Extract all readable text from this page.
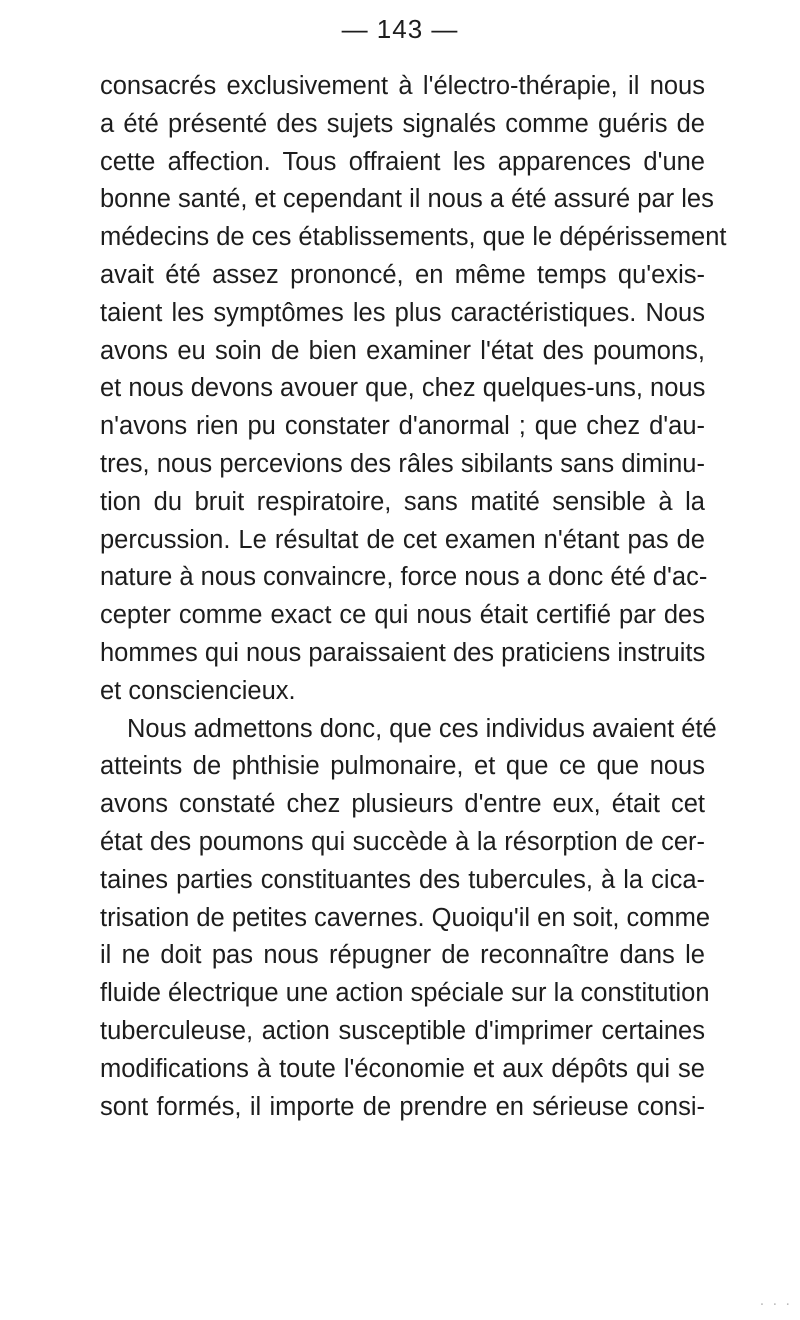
— 143 —
consacrés exclusivement à l'électro-thérapie, il nous
a été présenté des sujets signalés comme guéris de
cette affection. Tous offraient les apparences d'une
bonne santé, et cependant il nous a été assuré par les
médecins de ces établissements, que le dépérissement
avait été assez prononcé, en même temps qu'exis-
taient les symptômes les plus caractéristiques. Nous
avons eu soin de bien examiner l'état des poumons,
et nous devons avouer que, chez quelques-uns, nous
n'avons rien pu constater d'anormal ; que chez d'au-
tres, nous percevions des râles sibilants sans diminu-
tion du bruit respiratoire, sans matité sensible à la
percussion. Le résultat de cet examen n'étant pas de
nature à nous convaincre, force nous a donc été d'ac-
cepter comme exact ce qui nous était certifié par des
hommes qui nous paraissaient des praticiens instruits
et consciencieux.
Nous admettons donc, que ces individus avaient été
atteints de phthisie pulmonaire, et que ce que nous
avons constaté chez plusieurs d'entre eux, était cet
état des poumons qui succède à la résorption de cer-
taines parties constituantes des tubercules, à la cica-
trisation de petites cavernes. Quoiqu'il en soit, comme
il ne doit pas nous répugner de reconnaître dans le
fluide électrique une action spéciale sur la constitution
tuberculeuse, action susceptible d'imprimer certaines
modifications à toute l'économie et aux dépôts qui se
sont formés, il importe de prendre en sérieuse consi-
. . .
